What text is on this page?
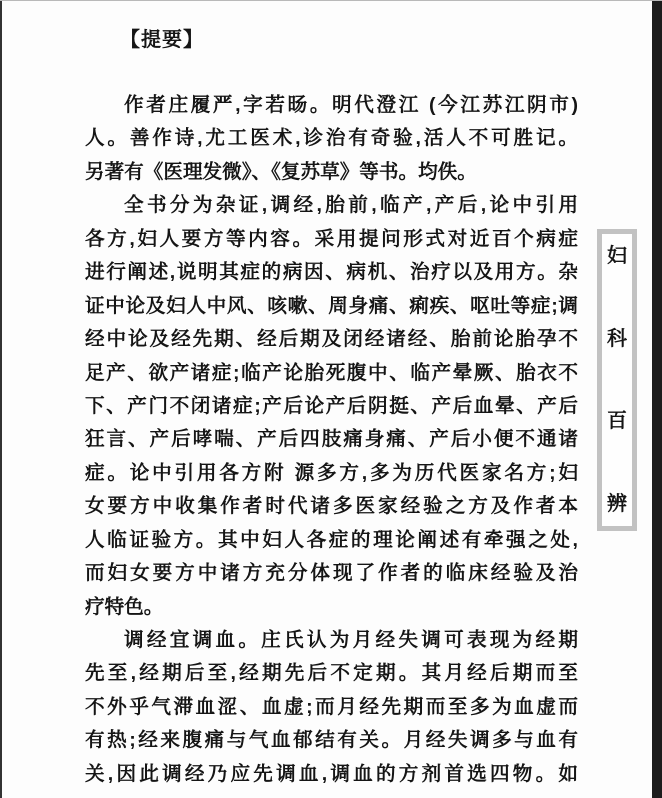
【提要】
作者庄履严,字若旸。明代澄江 (今江苏江阴市)
人。善作诗,尤工医术,诊治有奇验,活人不可胜记。
另著有《医理发微》、《复苏草》等书。均佚。
全书分为杂证,调经,胎前,临产,产后,论中引用
各方,妇人要方等内容。采用提问形式对近百个病症
进行阐述,说明其症的病因、病机、治疗以及用方。杂
证中论及妇人中风、咳嗽、周身痛、痢疾、呕吐等症;调
经中论及经先期、经后期及闭经诸经、胎前论胎孕不
足产、欲产诸症;临产论胎死腹中、临产晕厥、胎衣不
下、产门不闭诸症;产后论产后阴挺、产后血晕、产后
狂言、产后哮喘、产后四肢痛身痛、产后小便不通诸
症。论中引用各方附 源多方,多为历代医家名方;妇
女要方中收集作者时代诸多医家经验之方及作者本
人临证验方。其中妇人各症的理论阐述有牵强之处,
而妇女要方中诸方充分体现了作者的临床经验及治
疗特色。
调经宜调血。庄氏认为月经失调可表现为经期
先至,经期后至,经期先后不定期。其月经后期而至
不外乎气滞血涩、血虚;而月经先期而至多为血虚而
有热;经来腹痛与气血郁结有关。月经失调多与血有
关,因此调经乃应先调血,调血的方剂首选四物。如
妇
科
百
辨
